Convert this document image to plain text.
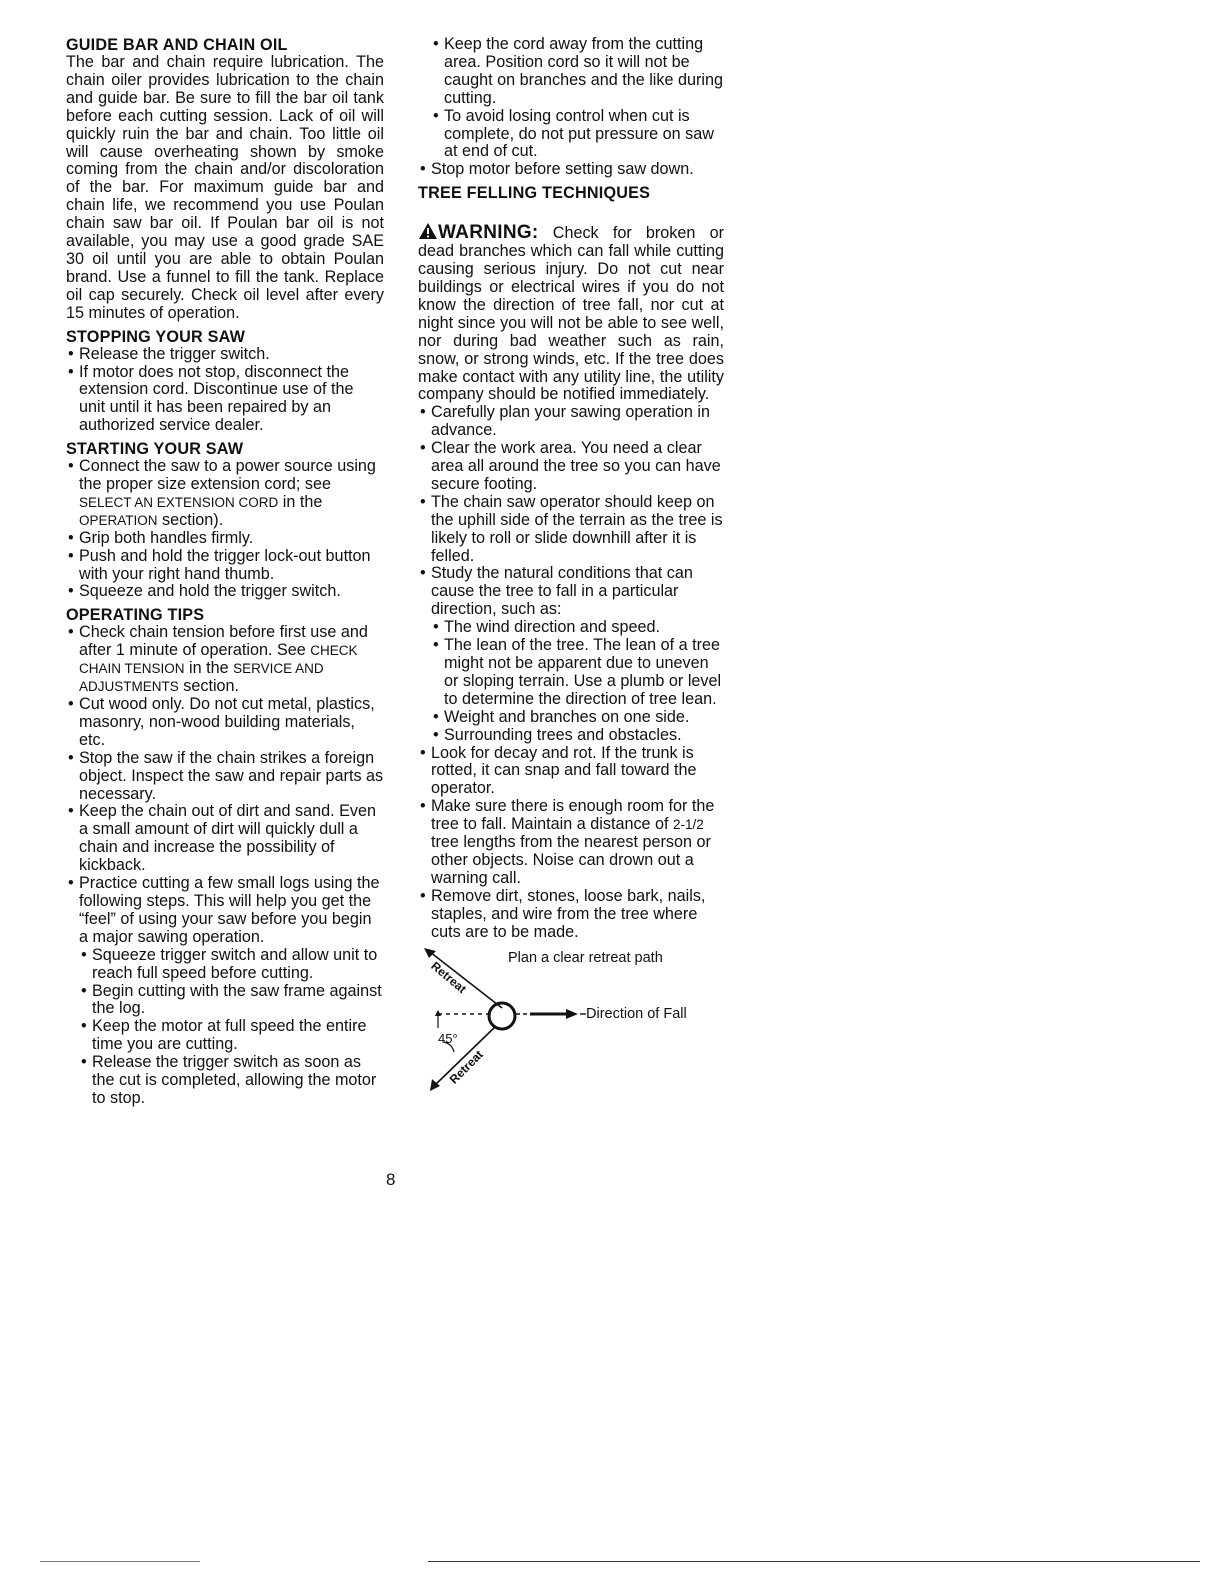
GUIDE BAR AND CHAIN OIL

The bar and chain require lubrication. The chain oiler provides lubrication to the chain and guide bar. Be sure to fill the bar oil tank before each cutting session. Lack of oil will quickly ruin the bar and chain. Too little oil will cause overheating shown by smoke coming from the chain and/or discoloration of the bar. For maximum guide bar and chain life, we recommend you use Poulan chain saw bar oil. If Poulan bar oil is not available, you may use a good grade SAE 30 oil until you are able to obtain Poulan brand. Use a funnel to fill the tank. Replace oil cap securely. Check oil level after every 15 minutes of operation.

STOPPING YOUR SAW
• Release the trigger switch.
• If motor does not stop, disconnect the extension cord. Discontinue use of the unit until it has been repaired by an authorized service dealer.
STARTING YOUR SAW
• Connect the saw to a power source using the proper size extension cord; see SELECT AN EXTENSION CORD in the OPERATION section).
• Grip both handles firmly.
• Push and hold the trigger lock-out button with your right hand thumb.
• Squeeze and hold the trigger switch.
OPERATING TIPS
• Check chain tension before first use and after 1 minute of operation. See CHECK CHAIN TENSION in the SERVICE AND ADJUSTMENTS section.
• Cut wood only. Do not cut metal, plastics, masonry, non-wood building materials, etc.
• Stop the saw if the chain strikes a foreign object. Inspect the saw and repair parts as necessary.
• Keep the chain out of dirt and sand. Even a small amount of dirt will quickly dull a chain and increase the possibility of kickback.
• Practice cutting a few small logs using the following steps. This will help you get the “feel” of using your saw before you begin a major sawing operation.
• Squeeze trigger switch and allow unit to reach full speed before cutting.
• Begin cutting with the saw frame against the log.
• Keep the motor at full speed the entire time you are cutting.
• Release the trigger switch as soon as the cut is completed, allowing the motor to stop.
• Keep the cord away from the cutting area. Position cord so it will not be caught on branches and the like during cutting.
• To avoid losing control when cut is complete, do not put pressure on saw at end of cut.
• Stop motor before setting saw down.
TREE FELLING TECHNIQUES

WARNING: Check for broken or dead branches which can fall while cutting causing serious injury. Do not cut near buildings or electrical wires if you do not know the direction of tree fall, nor cut at night since you will not be able to see well, nor during bad weather such as rain, snow, or strong winds, etc. If the tree does make contact with any utility line, the utility company should be notified immediately.

• Carefully plan your sawing operation in advance.
• Clear the work area. You need a clear area all around the tree so you can have secure footing.
• The chain saw operator should keep on the uphill side of the terrain as the tree is likely to roll or slide downhill after it is felled.
• Study the natural conditions that can cause the tree to fall in a particular direction, such as:
• The wind direction and speed.
• The lean of the tree. The lean of a tree might not be apparent due to uneven or sloping terrain. Use a plumb or level to determine the direction of tree lean.
• Weight and branches on one side.
• Surrounding trees and obstacles.
• Look for decay and rot. If the trunk is rotted, it can snap and fall toward the operator.
• Make sure there is enough room for the tree to fall. Maintain a distance of 2-1/2 tree lengths from the nearest person or other objects. Noise can drown out a warning call.
• Remove dirt, stones, loose bark, nails, staples, and wire from the tree where cuts are to be made.
Retreat
Retreat
Plan a clear retreat path
Direction of Fall
45°
8
